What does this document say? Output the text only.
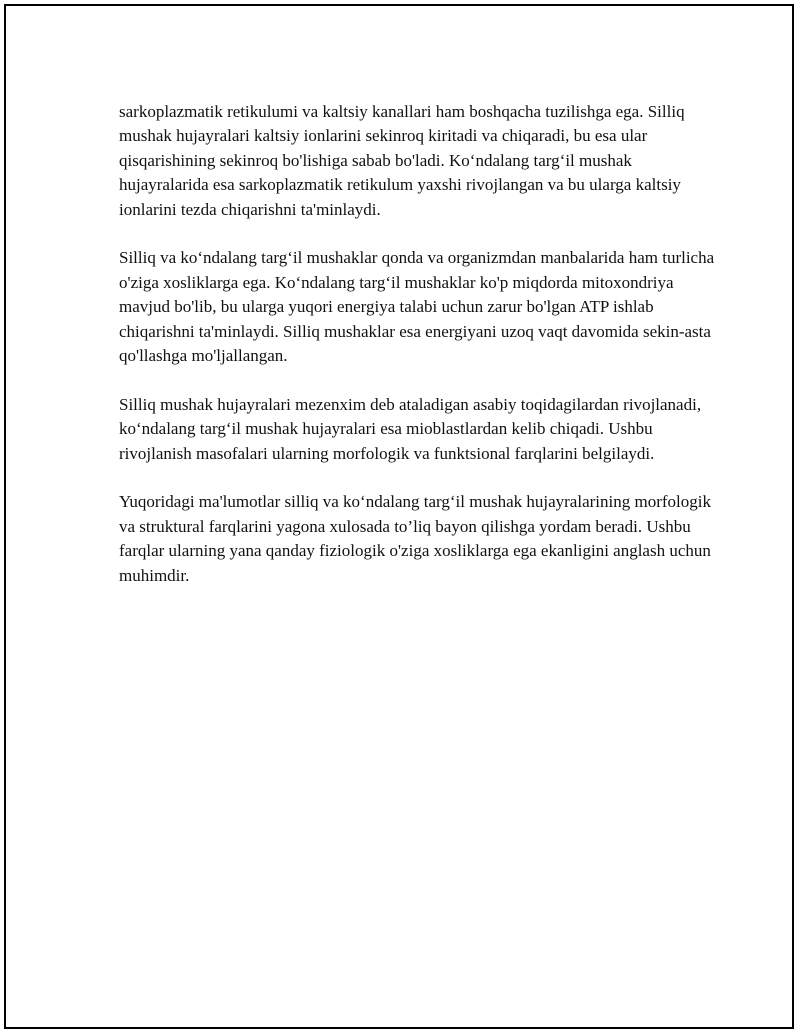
sarkoplazmatik retikulumi va kaltsiy kanallari ham boshqacha tuzilishga ega. Silliq mushak hujayralari kaltsiy ionlarini sekinroq kiritadi va chiqaradi, bu esa ular qisqarishining sekinroq bo'lishiga sabab bo'ladi. Ko‘ndalang targ‘il mushak hujayralarida esa sarkoplazmatik retikulum yaxshi rivojlangan va bu ularga kaltsiy ionlarini tezda chiqarishni ta'minlaydi.

Silliq va ko‘ndalang targ‘il mushaklar qonda va organizmdan manbalarida ham turlicha o'ziga xosliklarga ega. Ko‘ndalang targ‘il mushaklar ko'p miqdorda mitoxondriya mavjud bo'lib, bu ularga yuqori energiya talabi uchun zarur bo'lgan ATP ishlab chiqarishni ta'minlaydi. Silliq mushaklar esa energiyani uzoq vaqt davomida sekin-asta qo'llashga mo'ljallangan.

Silliq mushak hujayralari mezenxim deb ataladigan asabiy toqidagilardan rivojlanadi, ko‘ndalang targ‘il mushak hujayralari esa mioblastlardan kelib chiqadi. Ushbu rivojlanish masofalari ularning morfologik va funktsional farqlarini belgilaydi.

Yuqoridagi ma'lumotlar silliq va ko‘ndalang targ‘il mushak hujayralarining morfologik va struktural farqlarini yagona xulosada to’liq bayon qilishga yordam beradi. Ushbu farqlar ularning yana qanday fiziologik o'ziga xosliklarga ega ekanligini anglash uchun muhimdir.
